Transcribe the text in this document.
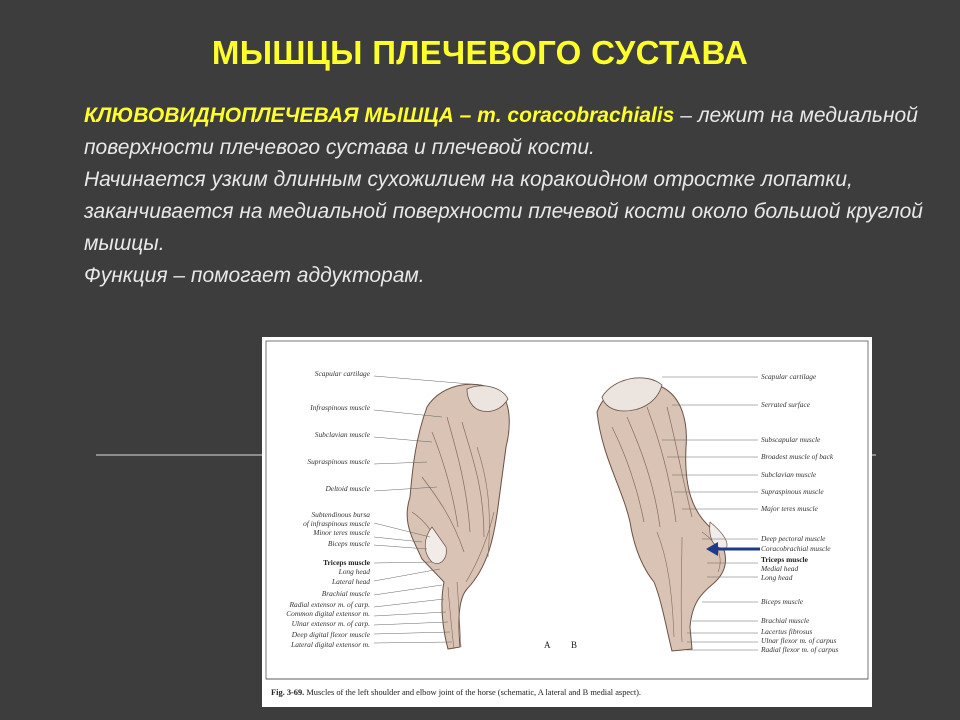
МЫШЦЫ ПЛЕЧЕВОГО СУСТАВА

КЛЮВОВИДНОПЛЕЧЕВАЯ МЫШЦА – m. coracobrachialis – лежит на медиальной поверхности плечевого сустава и плечевой кости.

Начинается узким длинным сухожилием на коракоидном отростке лопатки, заканчивается на медиальной поверхности плечевой кости около большой круглой мышцы.

Функция – помогает аддукторам.

Scapular cartilage
Infraspinous muscle
Subclavian muscle
Supraspinous muscle
Deltoid muscle
Subtendinous bursa
of infraspinous muscle
Minor teres muscle
Biceps muscle
Triceps muscle
Long head
Lateral head
Brachial muscle
Radial extensor m. of carp.
Common digital extensor m.
Ulnar extensor m. of carp.
Deep digital flexor muscle
Lateral digital extensor m.
Scapular cartilage
Serrated surface
Subscapular muscle
Broadest muscle of back
Subclavian muscle
Supraspinous muscle
Major teres muscle
Deep pectoral muscle
Coracobrachial muscle
Triceps muscle
Medial head
Long head
Biceps muscle
Brachial muscle
Lacertus fibrosus
Ulnar flexor m. of carpus
Radial flexor m. of carpus
A B
Fig. 3-69. Muscles of the left shoulder and elbow joint of the horse (schematic, A lateral and B medial aspect).
